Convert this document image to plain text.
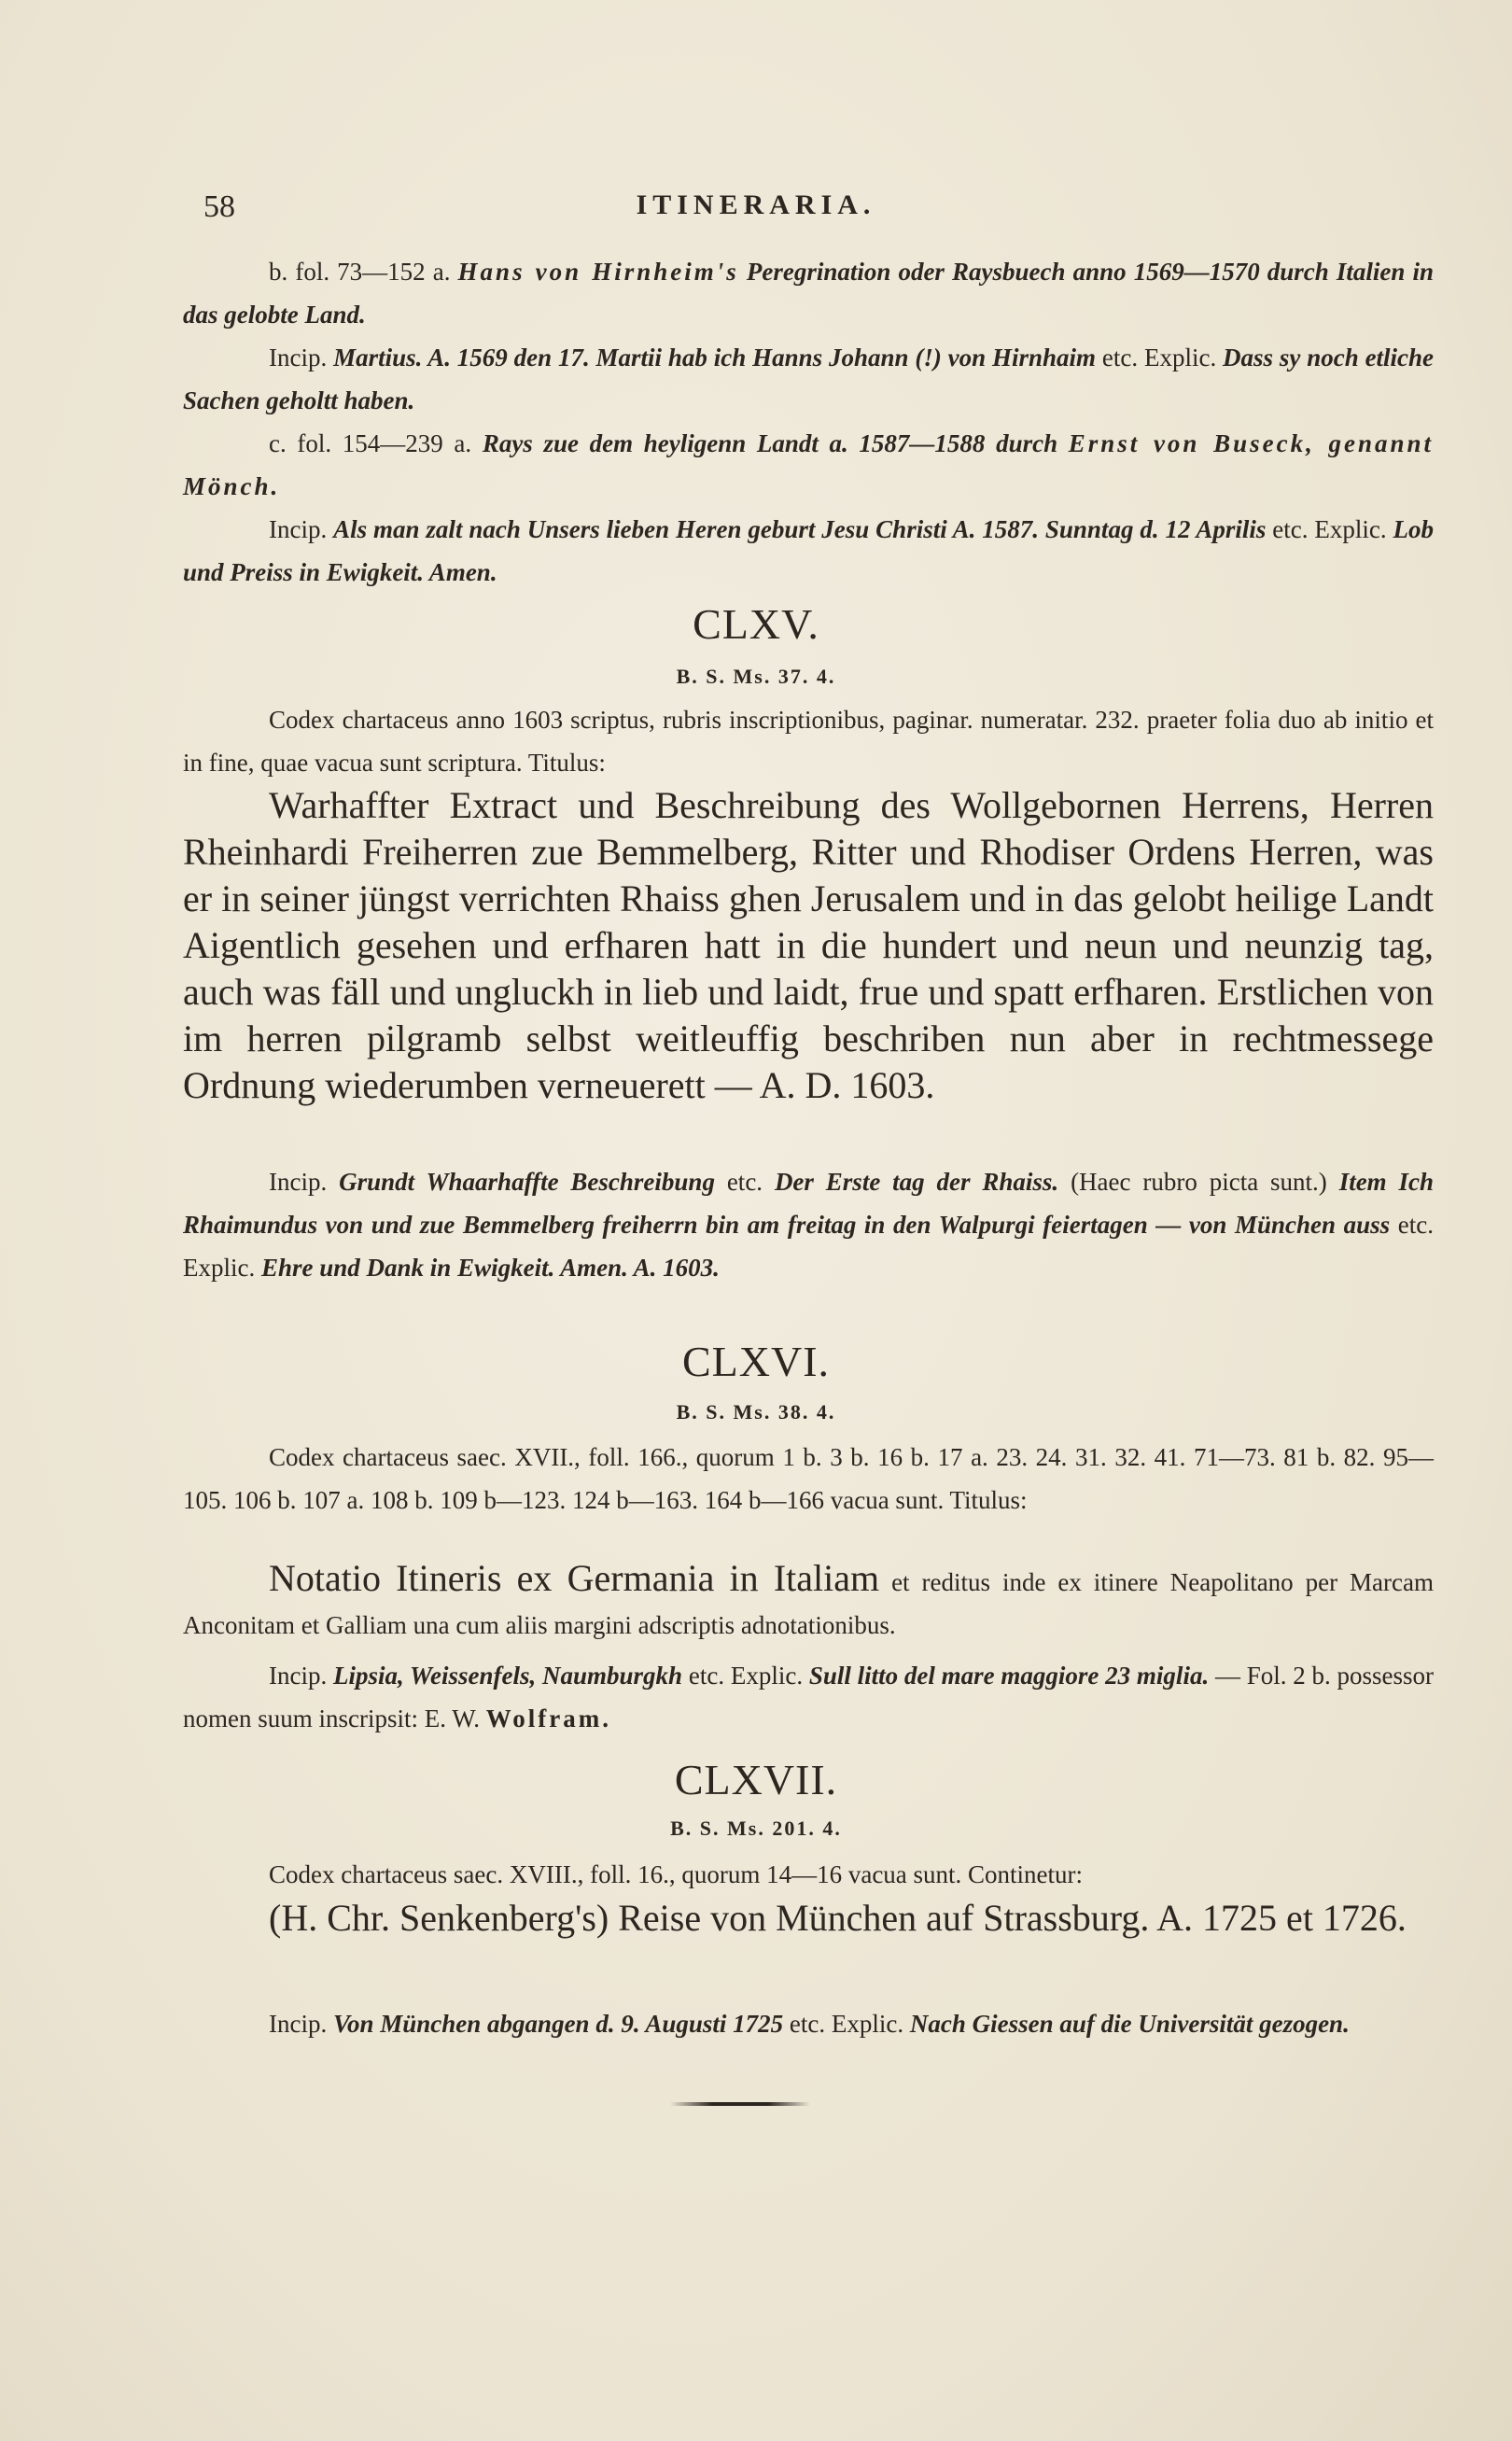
58	ITINERARIA.
b. fol. 73—152 a. Hans von Hirnheim's Peregrination oder Raysbuech anno 1569—1570 durch Italien in das gelobte Land.
Incip. Martius. A. 1569 den 17. Martii hab ich Hanns Johann (!) von Hirnhaim etc. Explic. Dass sy noch etliche Sachen geholtt haben.
c. fol. 154—239 a. Rays zue dem heyligenn Landt a. 1587—1588 durch Ernst von Buseck, genannt Mönch.
Incip. Als man zalt nach Unsers lieben Heren geburt Jesu Christi A. 1587. Sunntag d. 12 Aprilis etc. Explic. Lob und Preiss in Ewigkeit. Amen.
CLXV.
B. S. Ms. 37. 4.
Codex chartaceus anno 1603 scriptus, rubris inscriptionibus, paginar. numeratar. 232. praeter folia duo ab initio et in fine, quae vacua sunt scriptura. Titulus:
Warhaffter Extract und Beschreibung des Wollgebornen Herrens, Herren Rheinhardi Freiherren zue Bemmelberg, Ritter und Rhodiser Ordens Herren, was er in seiner jüngst verrichten Rhaiss ghen Jerusalem und in das gelobt heilige Landt Aigentlich gesehen und erfharen hatt in die hundert und neun und neunzig tag, auch was fäll und ungluckh in lieb und laidt, frue und spatt erfharen. Erstlichen von im herren pilgramb selbst weitleuffig beschriben nun aber in rechtmessege Ordnung wiederumben verneuerett — A. D. 1603.
Incip. Grundt Whaarhaffte Beschreibung etc. Der Erste tag der Rhaiss. (Haec rubro picta sunt.) Item Ich Rhaimundus von und zue Bemmelberg freiherrn bin am freitag in den Walpurgi feiertagen — von München auss etc. Explic. Ehre und Dank in Ewigkeit. Amen. A. 1603.
CLXVI.
B. S. Ms. 38. 4.
Codex chartaceus saec. XVII., foll. 166., quorum 1 b. 3 b. 16 b. 17 a. 23. 24. 31. 32. 41. 71—73. 81 b. 82. 95—105. 106 b. 107 a. 108 b. 109 b—123. 124 b—163. 164 b—166 vacua sunt. Titulus:
Notatio Itineris ex Germania in Italiam et reditus inde ex itinere Neapolitano per Marcam Anconitam et Galliam una cum aliis margini adscriptis adnotationibus.
Incip. Lipsia, Weissenfels, Naumburgkh etc. Explic. Sull litto del mare maggiore 23 miglia. — Fol. 2 b. possessor nomen suum inscripsit: E. W. Wolfram.
CLXVII.
B. S. Ms. 201. 4.
Codex chartaceus saec. XVIII., foll. 16., quorum 14—16 vacua sunt. Continetur:
(H. Chr. Senkenberg's) Reise von München auf Strassburg. A. 1725 et 1726.
Incip. Von München abgangen d. 9. Augusti 1725 etc. Explic. Nach Giessen auf die Universität gezogen.
